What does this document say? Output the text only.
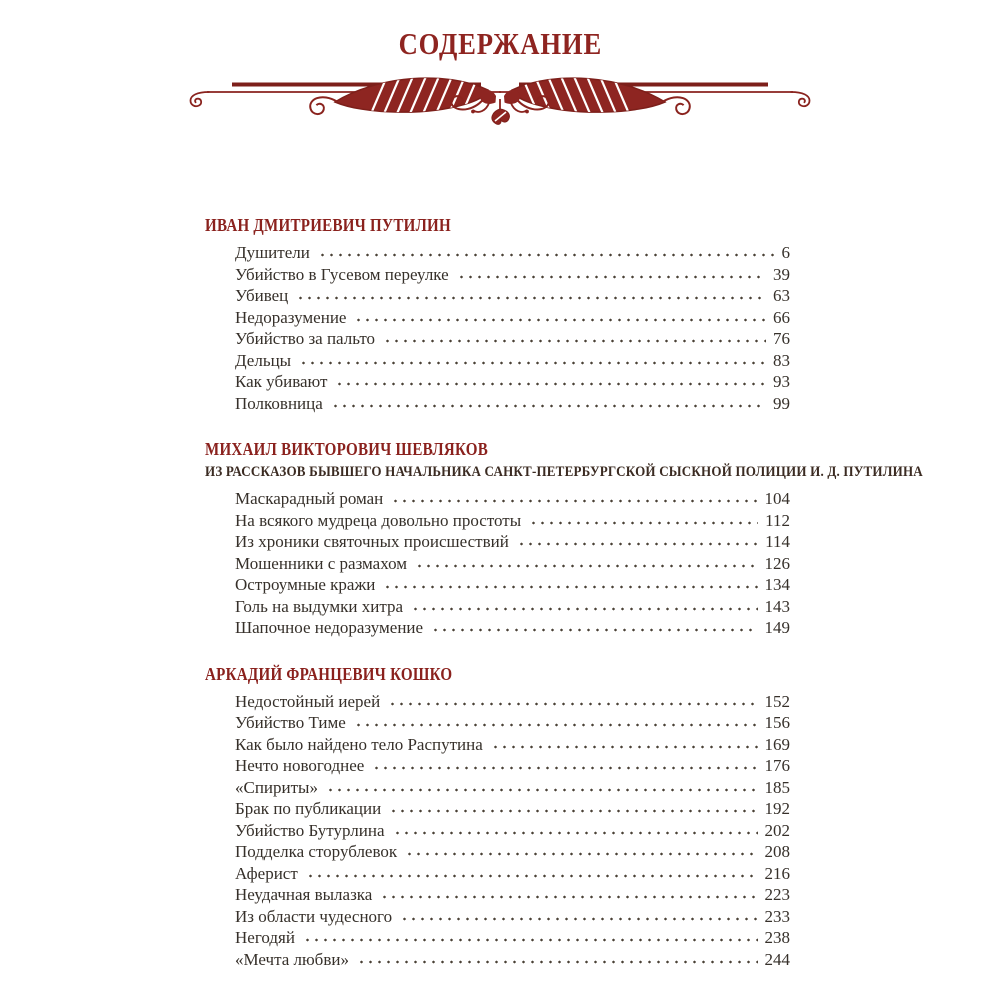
СОДЕРЖАНИЕ
ИВАН ДМИТРИЕВИЧ ПУТИЛИН
Душители	6
Убийство в Гусевом переулке	39
Убивец	63
Недоразумение	66
Убийство за пальто	76
Дельцы	83
Как убивают	93
Полковница	99
МИХАИЛ ВИКТОРОВИЧ ШЕВЛЯКОВ
ИЗ РАССКАЗОВ БЫВШЕГО НАЧАЛЬНИКА САНКТ-ПЕТЕРБУРГСКОЙ СЫСКНОЙ ПОЛИЦИИ И. Д. ПУТИЛИНА
Маскарадный роман	104
На всякого мудреца довольно простоты	112
Из хроники святочных происшествий	114
Мошенники с размахом	126
Остроумные кражи	134
Голь на выдумки хитра	143
Шапочное недоразумение	149
АРКАДИЙ ФРАНЦЕВИЧ КОШКО
Недостойный иерей	152
Убийство Тиме	156
Как было найдено тело Распутина	169
Нечто новогоднее	176
«Спириты»	185
Брак по публикации	192
Убийство Бутурлина	202
Подделка сторублевок	208
Аферист	216
Неудачная вылазка	223
Из области чудесного	233
Негодяй	238
«Мечта любви»	244
